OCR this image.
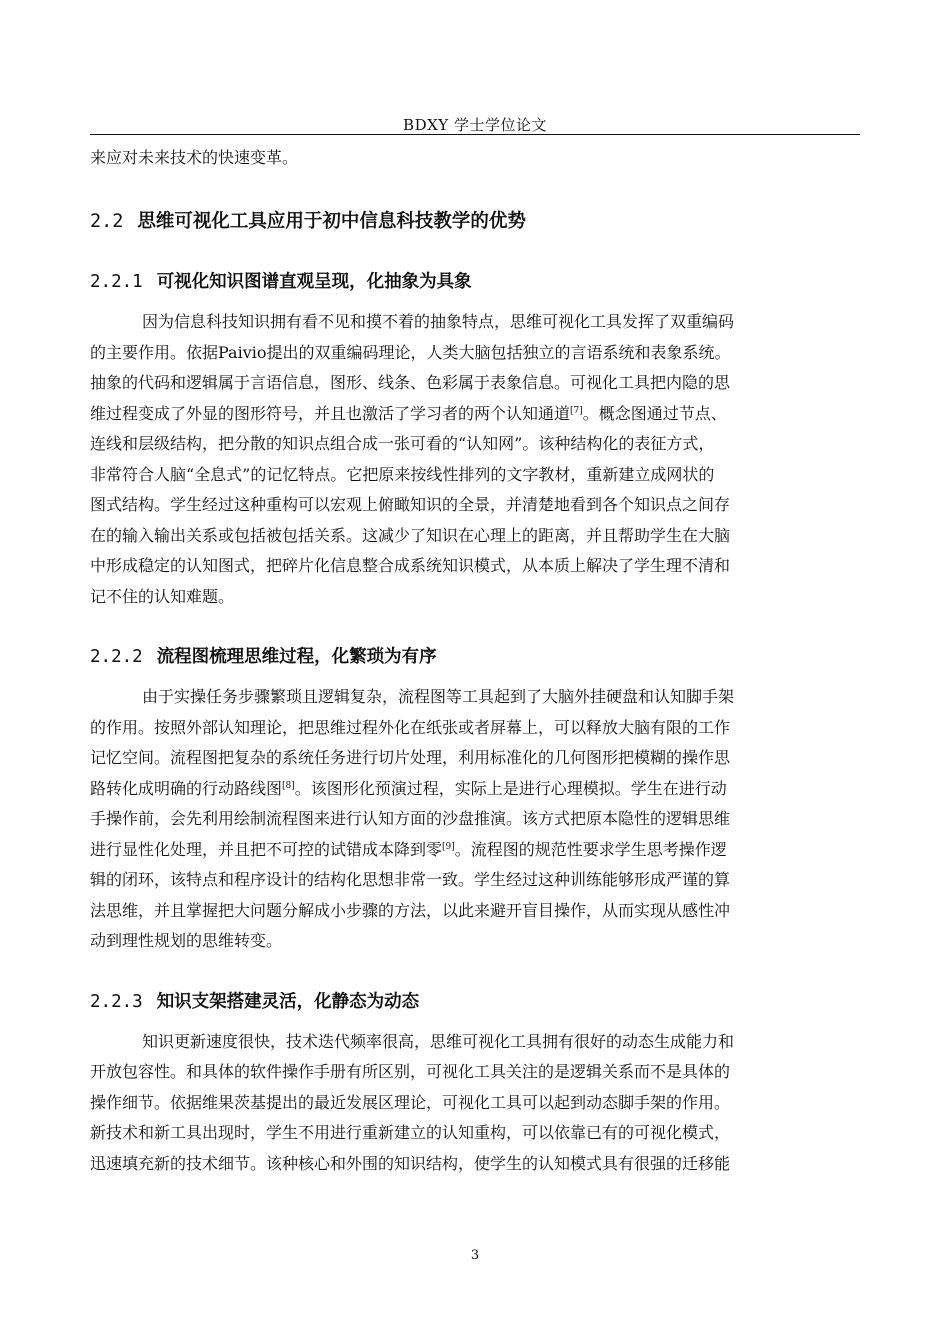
BDXY 学士学位论文
来应对未来技术的快速变革。
2.2 思维可视化工具应用于初中信息科技教学的优势
2.2.1 可视化知识图谱直观呈现，化抽象为具象
因为信息科技知识拥有看不见和摸不着的抽象特点，思维可视化工具发挥了双重编码
的主要作用。依据Paivio提出的双重编码理论，人类大脑包括独立的言语系统和表象系统。
抽象的代码和逻辑属于言语信息，图形、线条、色彩属于表象信息。可视化工具把内隐的思
维过程变成了外显的图形符号，并且也激活了学习者的两个认知通道[7]。概念图通过节点、
连线和层级结构，把分散的知识点组合成一张可看的“认知网”。该种结构化的表征方式，
非常符合人脑“全息式”的记忆特点。它把原来按线性排列的文字教材，重新建立成网状的
图式结构。学生经过这种重构可以宏观上俯瞰知识的全景，并清楚地看到各个知识点之间存
在的输入输出关系或包括被包括关系。这减少了知识在心理上的距离，并且帮助学生在大脑
中形成稳定的认知图式，把碎片化信息整合成系统知识模式，从本质上解决了学生理不清和
记不住的认知难题。
2.2.2 流程图梳理思维过程，化繁琐为有序
由于实操任务步骤繁琐且逻辑复杂，流程图等工具起到了大脑外挂硬盘和认知脚手架
的作用。按照外部认知理论，把思维过程外化在纸张或者屏幕上，可以释放大脑有限的工作
记忆空间。流程图把复杂的系统任务进行切片处理，利用标准化的几何图形把模糊的操作思
路转化成明确的行动路线图[8]。该图形化预演过程，实际上是进行心理模拟。学生在进行动
手操作前，会先利用绘制流程图来进行认知方面的沙盘推演。该方式把原本隐性的逻辑思维
进行显性化处理，并且把不可控的试错成本降到零[9]。流程图的规范性要求学生思考操作逻
辑的闭环，该特点和程序设计的结构化思想非常一致。学生经过这种训练能够形成严谨的算
法思维，并且掌握把大问题分解成小步骤的方法，以此来避开盲目操作，从而实现从感性冲
动到理性规划的思维转变。
2.2.3 知识支架搭建灵活，化静态为动态
知识更新速度很快，技术迭代频率很高，思维可视化工具拥有很好的动态生成能力和
开放包容性。和具体的软件操作手册有所区别，可视化工具关注的是逻辑关系而不是具体的
操作细节。依据维果茨基提出的最近发展区理论，可视化工具可以起到动态脚手架的作用。
新技术和新工具出现时，学生不用进行重新建立的认知重构，可以依靠已有的可视化模式，
迅速填充新的技术细节。该种核心和外围的知识结构，使学生的认知模式具有很强的迁移能
3
